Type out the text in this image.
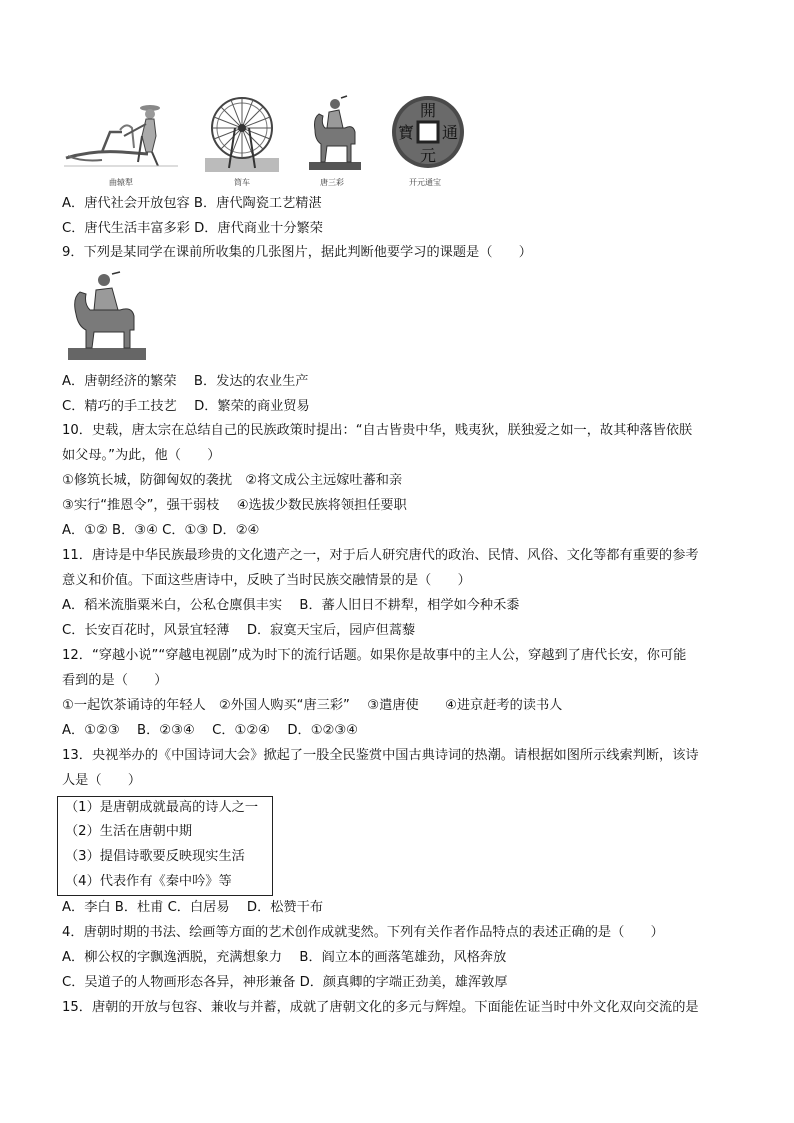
曲辕犁	筒车	唐三彩
開
元
寶 通
开元通宝
A．唐代社会开放包容 B．唐代陶瓷工艺精湛
C．唐代生活丰富多彩 D．唐代商业十分繁荣
9．下列是某同学在课前所收集的几张图片，据此判断他要学习的课题是（　　）
A．唐朝经济的繁荣　 B．发达的农业生产
C．精巧的手工技艺　 D．繁荣的商业贸易
10．史载，唐太宗在总结自己的民族政策时提出：“自古皆贵中华，贱夷狄，朕独爱之如一，故其种落皆依朕
如父母。”为此，他（　　）
①修筑长城，防御匈奴的袭扰　②将文成公主远嫁吐蕃和亲
③实行“推恩令”，强干弱枝　 ④选拔少数民族将领担任要职
A．①② B．③④ C．①③ D．②④
11．唐诗是中华民族最珍贵的文化遗产之一，对于后人研究唐代的政治、民情、风俗、文化等都有重要的参考
意义和价值。下面这些唐诗中，反映了当时民族交融情景的是（　　）
A．稻米流脂粟米白，公私仓廪俱丰实　 B．蕃人旧日不耕犁，相学如今种禾黍
C．长安百花时，风景宜轻薄　 D．寂寞天宝后，园庐但蒿藜
12．“穿越小说”“穿越电视剧”成为时下的流行话题。如果你是故事中的主人公，穿越到了唐代长安，你可能
看到的是（　　）
①一起饮茶诵诗的年轻人　②外国人购买“唐三彩”　 ③遣唐使　　④进京赶考的读书人
A．①②③　 B．②③④　 C．①②④　 D．①②③④
13．央视举办的《中国诗词大会》掀起了一股全民鉴赏中国古典诗词的热潮。请根据如图所示线索判断，该诗
人是（　　）
（1）是唐朝成就最高的诗人之一
（2）生活在唐朝中期
（3）提倡诗歌要反映现实生活
（4）代表作有《秦中吟》等
A．李白 B．杜甫 C．白居易　 D．松赞干布
4．唐朝时期的书法、绘画等方面的艺术创作成就斐然。下列有关作者作品特点的表述正确的是（　　）
A．柳公权的字飘逸洒脱，充满想象力　 B．阎立本的画落笔雄劲，风格奔放
C．吴道子的人物画形态各异，神形兼备 D．颜真卿的字端正劲美，雄浑敦厚
15．唐朝的开放与包容、兼收与并蓄，成就了唐朝文化的多元与辉煌。下面能佐证当时中外文化双向交流的是
